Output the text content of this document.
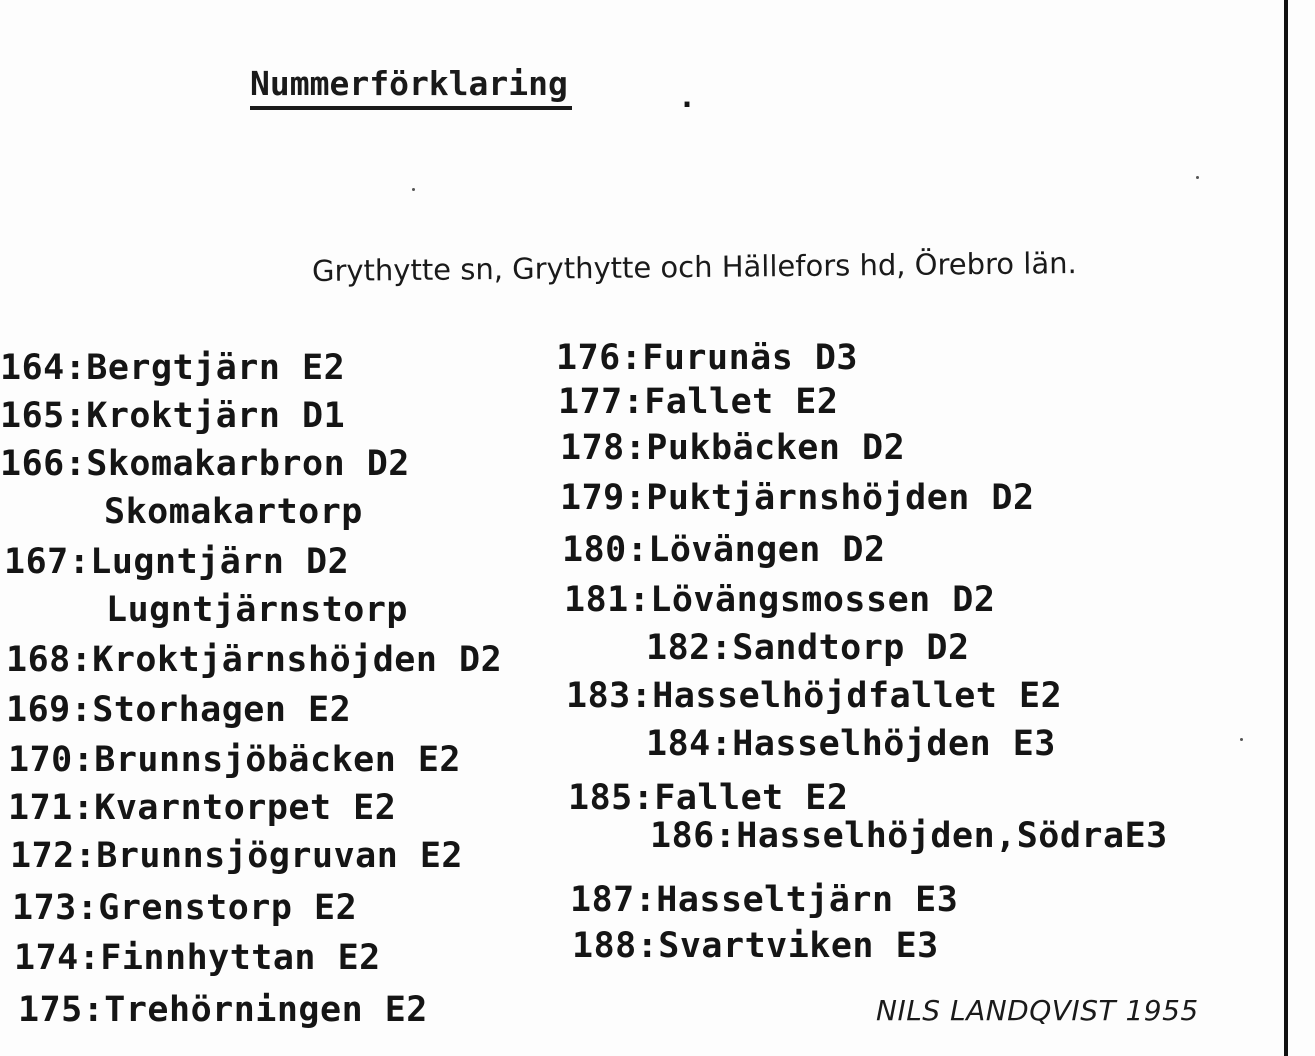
Nummerförklaring	.
Grythytte sn, Grythytte och Hällefors hd, Örebro län.
164:Bergtjärn E2
165:Kroktjärn D1
166:Skomakarbron D2
Skomakartorp
167:Lugntjärn D2
Lugntjärnstorp
168:Kroktjärnshöjden D2
169:Storhagen E2
170:Brunnsjöbäcken E2
171:Kvarntorpet E2
172:Brunnsjögruvan E2
173:Grenstorp E2
174:Finnhyttan E2
175:Trehörningen E2
176:Furunäs D3
177:Fallet E2
178:Pukbäcken D2
179:Puktjärnshöjden D2
180:Lövängen D2
181:Lövängsmossen D2
182:Sandtorp D2
183:Hasselhöjdfallet E2
184:Hasselhöjden E3
185:Fallet E2
186:Hasselhöjden,SödraE3
187:Hasseltjärn E3
188:Svartviken E3
NILS LANDQVIST 1955
